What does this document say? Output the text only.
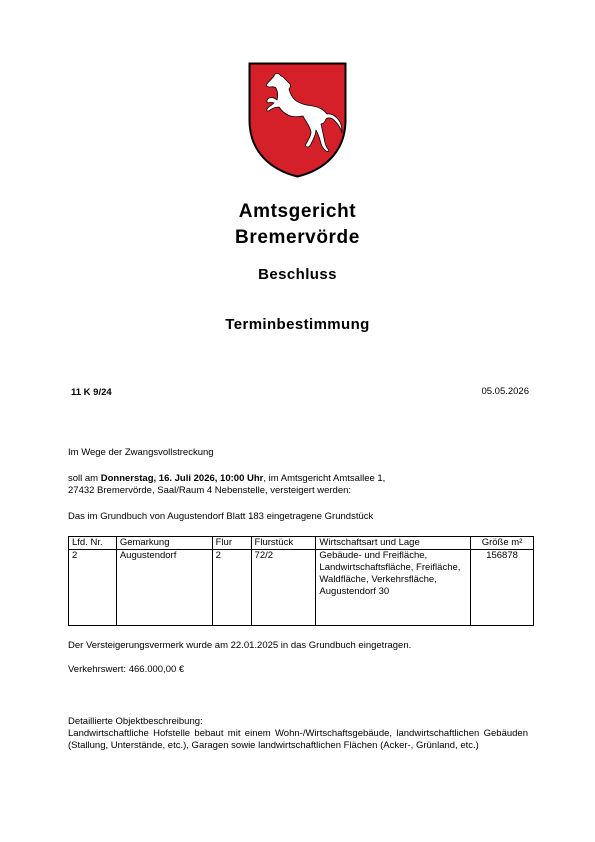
Amtsgericht
Bremervörde
Beschluss
Terminbestimmung
11 K 9/24	05.05.2026
Im Wege der Zwangsvollstreckung
soll am Donnerstag, 16. Juli 2026, 10:00 Uhr, im Amtsgericht Amtsallee 1,
27432 Bremervörde, Saal/Raum 4 Nebenstelle, versteigert werden:
Das im Grundbuch von Augustendorf Blatt 183 eingetragene Grundstück
Lfd. Nr.	Gemarkung	Flur	Flurstück	Wirtschaftsart und Lage	Größe m²
2	Augustendorf	2	72/2	Gebäude- und Freifläche, Landwirtschaftsfläche, Freifläche, Waldfläche, Verkehrsfläche, Augustendorf 30	156878
Der Versteigerungsvermerk wurde am 22.01.2025 in das Grundbuch eingetragen.
Verkehrswert: 466.000,00 €
Detaillierte Objektbeschreibung:
Landwirtschaftliche Hofstelle bebaut mit einem Wohn-/Wirtschaftsgebäude, landwirtschaftlichen Gebäuden (Stallung, Unterstände, etc.), Garagen sowie landwirtschaftlichen Flächen (Acker-, Grünland, etc.)
